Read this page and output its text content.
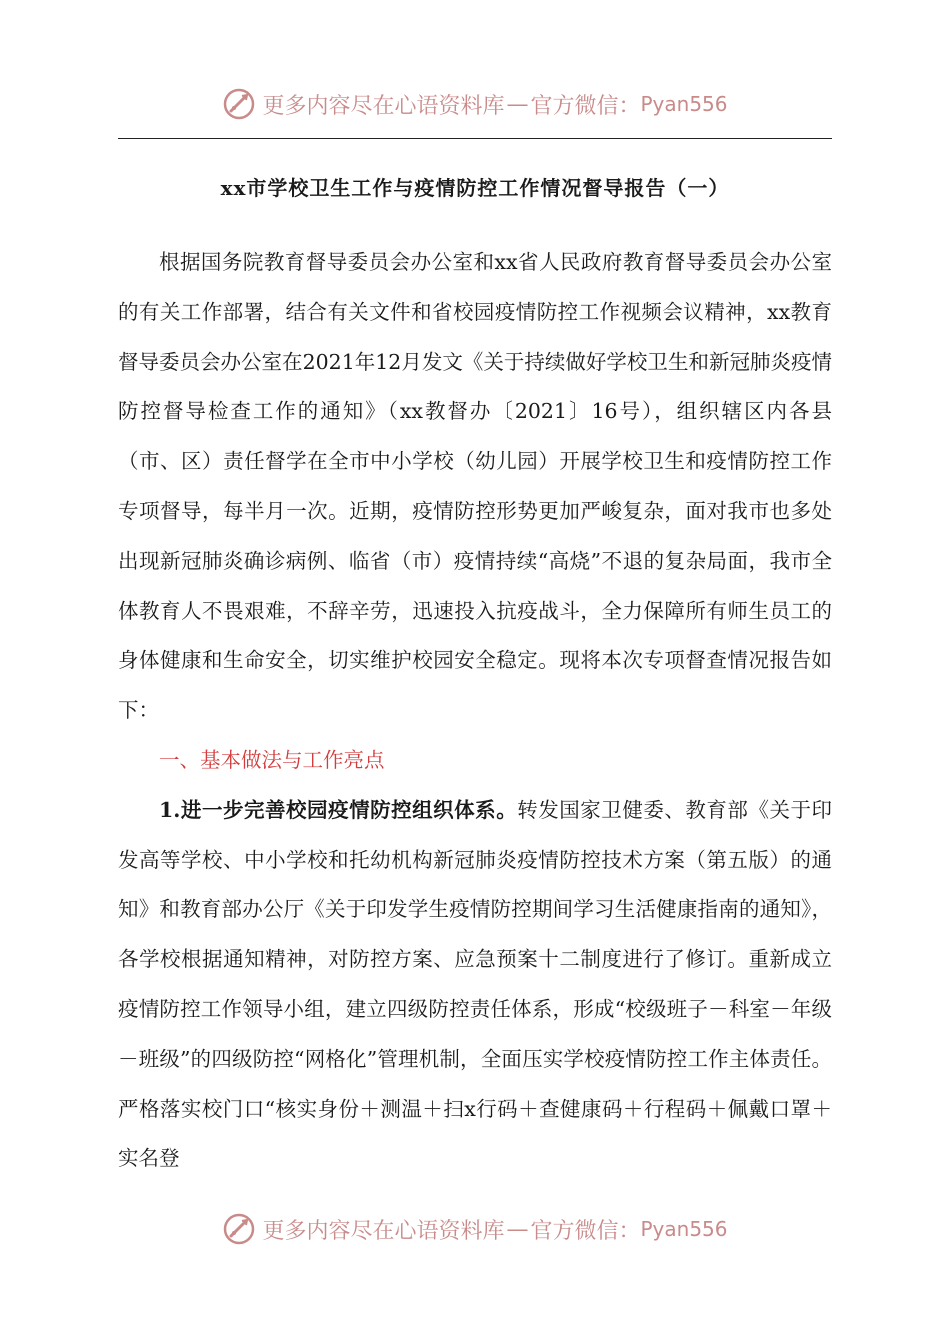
更多内容尽在心语资料库 — 官方微信： Pyan556
xx市学校卫生工作与疫情防控工作情况督导报告（一）

根据国务院教育督导委员会办公室和xx省人民政府教育督导委员会办公室的有关工作部署，结合有关文件和省校园疫情防控工作视频会议精神，xx教育督导委员会办公室在2021年12月发文《关于持续做好学校卫生和新冠肺炎疫情防控督导检查工作的通知》（xx教督办〔2021〕16号），组织辖区内各县（市、区）责任督学在全市中小学校（幼儿园）开展学校卫生和疫情防控工作专项督导，每半月一次。近期，疫情防控形势更加严峻复杂，面对我市也多处出现新冠肺炎确诊病例、临省（市）疫情持续“高烧”不退的复杂局面，我市全体教育人不畏艰难，不辞辛劳，迅速投入抗疫战斗，全力保障所有师生员工的身体健康和生命安全，切实维护校园安全稳定。现将本次专项督查情况报告如下：

一、基本做法与工作亮点

1.进一步完善校园疫情防控组织体系。转发国家卫健委、教育部《关于印发高等学校、中小学校和托幼机构新冠肺炎疫情防控技术方案（第五版）的通知》和教育部办公厅《关于印发学生疫情防控期间学习生活健康指南的通知》，各学校根据通知精神，对防控方案、应急预案十二制度进行了修订。重新成立疫情防控工作领导小组，建立四级防控责任体系，形成“校级班子－科室－年级－班级”的四级防控“网格化”管理机制，全面压实学校疫情防控工作主体责任。严格落实校门口“核实身份＋测温＋扫x行码＋查健康码＋行程码＋佩戴口罩＋实名登

更多内容尽在心语资料库 — 官方微信： Pyan556
